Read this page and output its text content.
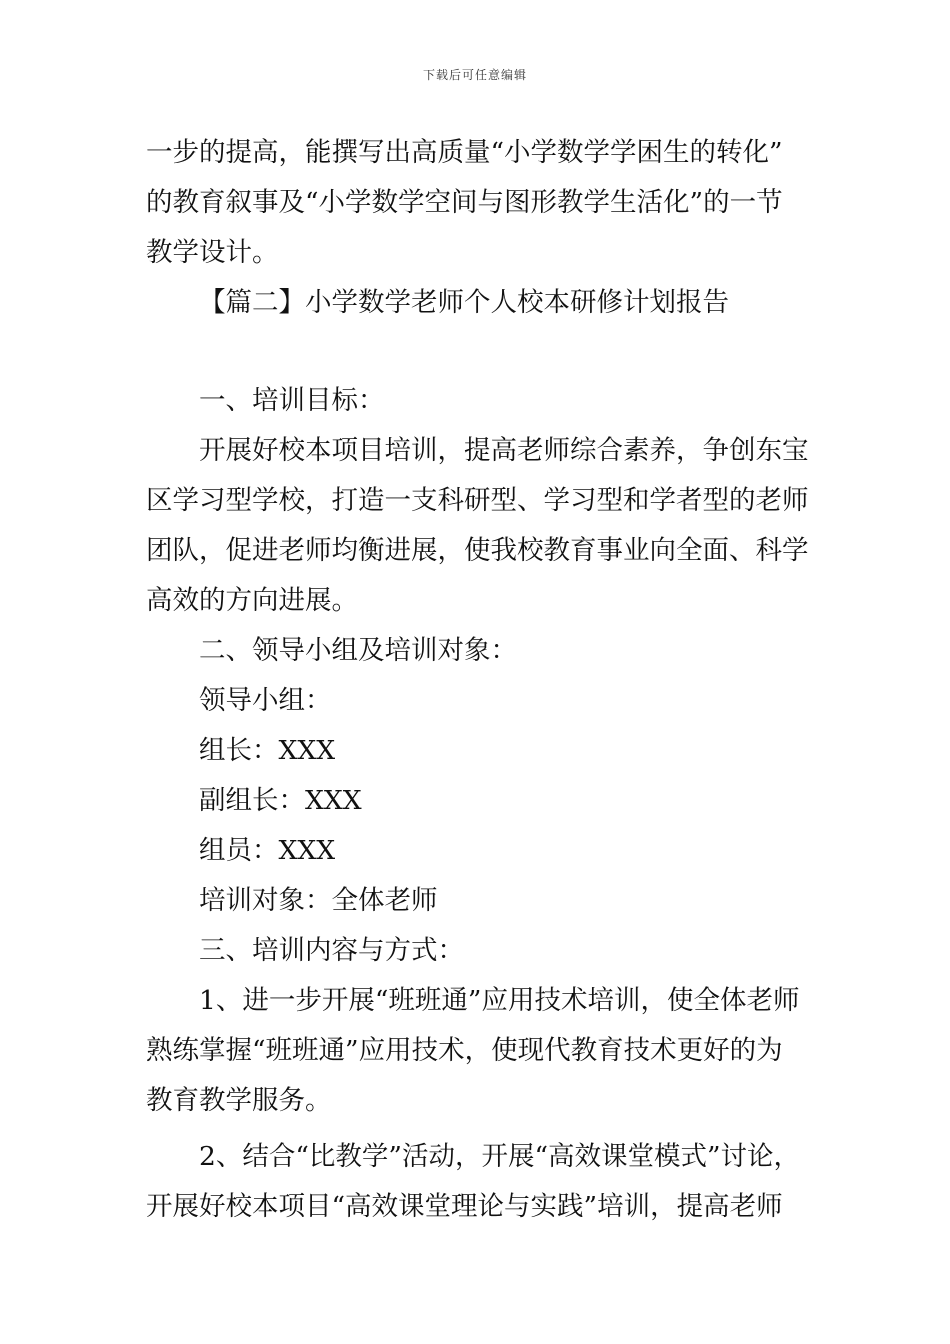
下载后可任意编辑
一步的提高，能撰写出高质量“小学数学学困生的转化”
的教育叙事及“小学数学空间与图形教学生活化”的一节
教学设计。
【篇二】小学数学老师个人校本研修计划报告
一、培训目标：
开展好校本项目培训，提高老师综合素养，争创东宝
区学习型学校，打造一支科研型、学习型和学者型的老师
团队，促进老师均衡进展，使我校教育事业向全面、科学
高效的方向进展。
二、领导小组及培训对象：
领导小组：
组长：XXX
副组长：XXX
组员：XXX
培训对象：全体老师
三、培训内容与方式：
1、进一步开展“班班通”应用技术培训，使全体老师
熟练掌握“班班通”应用技术，使现代教育技术更好的为
教育教学服务。
2、结合“比教学”活动，开展“高效课堂模式”讨论，
开展好校本项目“高效课堂理论与实践”培训，提高老师
